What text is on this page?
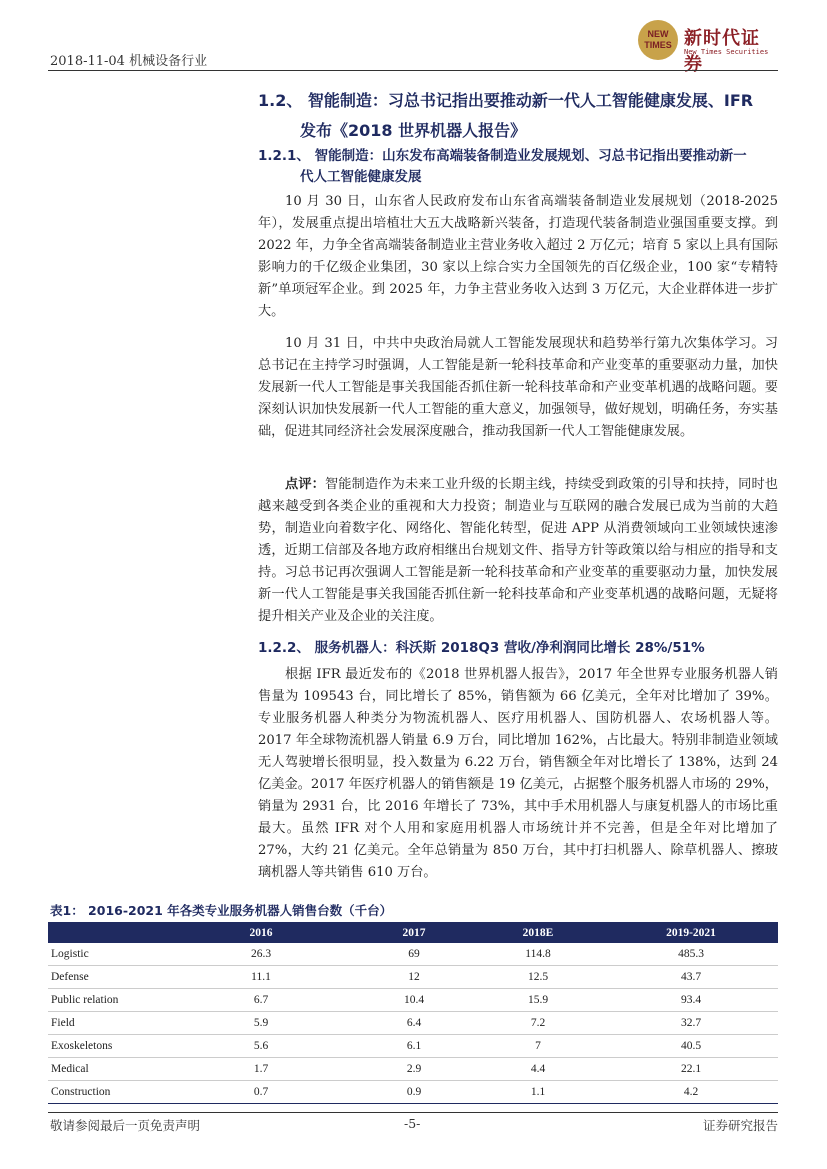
2018-11-04 机械设备行业
NEW
TIMES 新时代证券
New Times Securities
1.2、 智能制造：习总书记指出要推动新一代人工智能健康发展、IFR
发布《2018 世界机器人报告》
1.2.1、 智能制造：山东发布高端装备制造业发展规划、习总书记指出要推动新一
代人工智能健康发展
10 月 30 日，山东省人民政府发布山东省高端装备制造业发展规划（2018-2025 年），发展重点提出培植壮大五大战略新兴装备，打造现代装备制造业强国重要支撑。到 2022 年，力争全省高端装备制造业主营业务收入超过 2 万亿元；培育 5 家以上具有国际影响力的千亿级企业集团，30 家以上综合实力全国领先的百亿级企业，100 家“专精特新”单项冠军企业。到 2025 年，力争主营业务收入达到 3 万亿元，大企业群体进一步扩大。
10 月 31 日，中共中央政治局就人工智能发展现状和趋势举行第九次集体学习。习总书记在主持学习时强调，人工智能是新一轮科技革命和产业变革的重要驱动力量，加快发展新一代人工智能是事关我国能否抓住新一轮科技革命和产业变革机遇的战略问题。要深刻认识加快发展新一代人工智能的重大意义，加强领导，做好规划，明确任务，夯实基础，促进其同经济社会发展深度融合，推动我国新一代人工智能健康发展。
点评：智能制造作为未来工业升级的长期主线，持续受到政策的引导和扶持，同时也越来越受到各类企业的重视和大力投资；制造业与互联网的融合发展已成为当前的大趋势，制造业向着数字化、网络化、智能化转型，促进 APP 从消费领域向工业领域快速渗透，近期工信部及各地方政府相继出台规划文件、指导方针等政策以给与相应的指导和支持。习总书记再次强调人工智能是新一轮科技革命和产业变革的重要驱动力量，加快发展新一代人工智能是事关我国能否抓住新一轮科技革命和产业变革机遇的战略问题，无疑将提升相关产业及企业的关注度。
1.2.2、 服务机器人：科沃斯 2018Q3 营收/净利润同比增长 28%/51%
根据 IFR 最近发布的《2018 世界机器人报告》，2017 年全世界专业服务机器人销售量为 109543 台，同比增长了 85%，销售额为 66 亿美元，全年对比增加了 39%。专业服务机器人种类分为物流机器人、医疗用机器人、国防机器人、农场机器人等。2017 年全球物流机器人销量 6.9 万台，同比增加 162%，占比最大。特别非制造业领域无人驾驶增长很明显，投入数量为 6.22 万台，销售额全年对比增长了 138%，达到 24 亿美金。2017 年医疗机器人的销售额是 19 亿美元，占据整个服务机器人市场的 29%，销量为 2931 台，比 2016 年增长了 73%，其中手术用机器人与康复机器人的市场比重最大。虽然 IFR 对个人用和家庭用机器人市场统计并不完善，但是全年对比增加了 27%，大约 21 亿美元。全年总销量为 850 万台，其中打扫机器人、除草机器人、擦玻璃机器人等共销售 610 万台。
表1： 2016-2021 年各类专业服务机器人销售台数（千台）
	2016	2017	2018E	2019-2021
Logistic	26.3	69	114.8	485.3
Defense	11.1	12	12.5	43.7
Public relation	6.7	10.4	15.9	93.4
Field	5.9	6.4	7.2	32.7
Exoskeletons	5.6	6.1	7	40.5
Medical	1.7	2.9	4.4	22.1
Construction	0.7	0.9	1.1	4.2
敬请参阅最后一页免责声明	-5-	证券研究报告
